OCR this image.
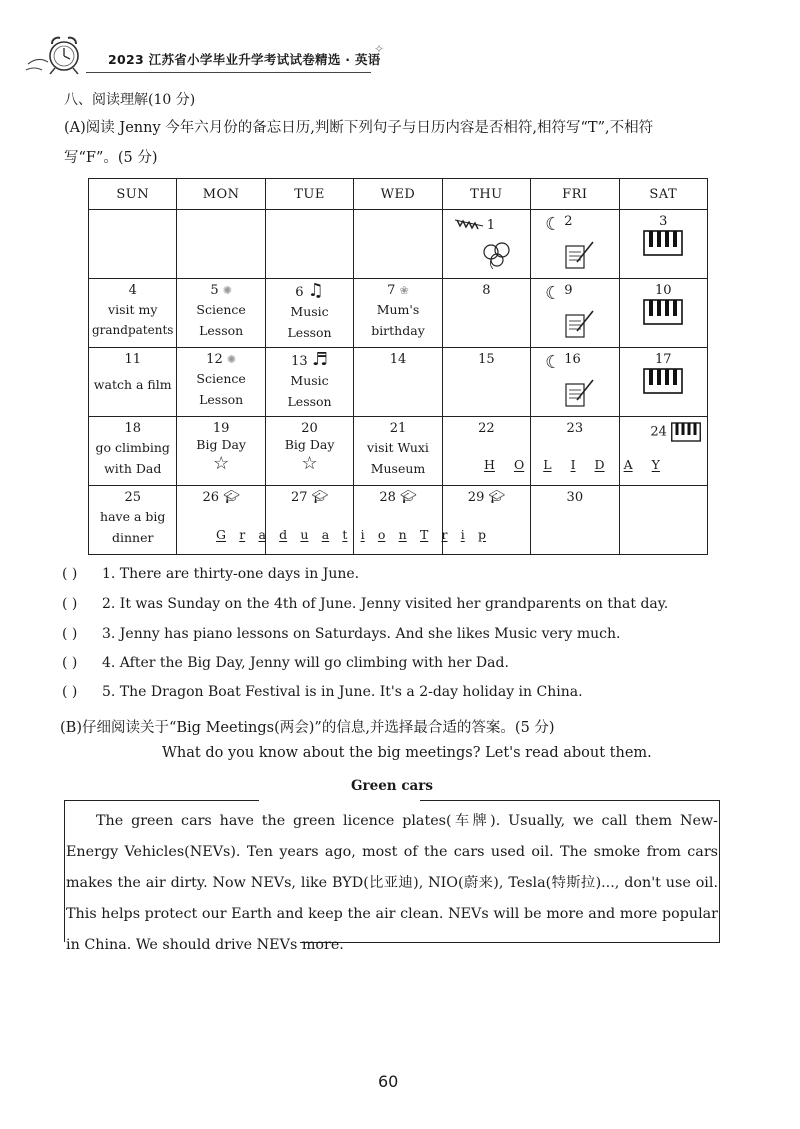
2023 江苏省小学毕业升学考试试卷精选 · 英语
✧
八、阅读理解(10 分)
(A)阅读 Jenny 今年六月份的备忘日历,判断下列句子与日历内容是否相符,相符写“T”,不相符
写“F”。(5 分)
SUN	MON	TUE	WED	THU	FRI	SAT

				1	☾ 2	3

4
visit my
grandpatents	5 ✺
Science
Lesson	6 ♫
Music
Lesson	7 ❀
Mum's
birthday	8	☾ 9	10

11
watch a film	12 ✺
Science
Lesson	13 ♬
Music
Lesson	14	15	☾ 16	17

18
go climbing
with Dad	19
Big Day
☆	20
Big Day
☆	21
visit Wuxi
Museum	22	23	24

25
have a big
dinner	26 🎓︎	27 🎓︎	28 🎓︎	29 🎓︎	30	

H O L I D A Y
G r a d u a t i o n T r i p
( ) 1. There are thirty-one days in June.
( ) 2. It was Sunday on the 4th of June. Jenny visited her grandparents on that day.
( ) 3. Jenny has piano lessons on Saturdays. And she likes Music very much.
( ) 4. After the Big Day, Jenny will go climbing with her Dad.
( ) 5. The Dragon Boat Festival is in June. It's a 2-day holiday in China.
(B)仔细阅读关于“Big Meetings(两会)”的信息,并选择最合适的答案。(5 分)
What do you know about the big meetings? Let's read about them.
Green cars

The green cars have the green licence plates(车牌). Usually, we call them New-Energy Vehicles(NEVs). Ten years ago, most of the cars used oil. The smoke from cars makes the air dirty. Now NEVs, like BYD(比亚迪), NIO(蔚来), Tesla(特斯拉)..., don't use oil. This helps protect our Earth and keep the air clean. NEVs will be more and more popular in China. We should drive NEVs more.

60
